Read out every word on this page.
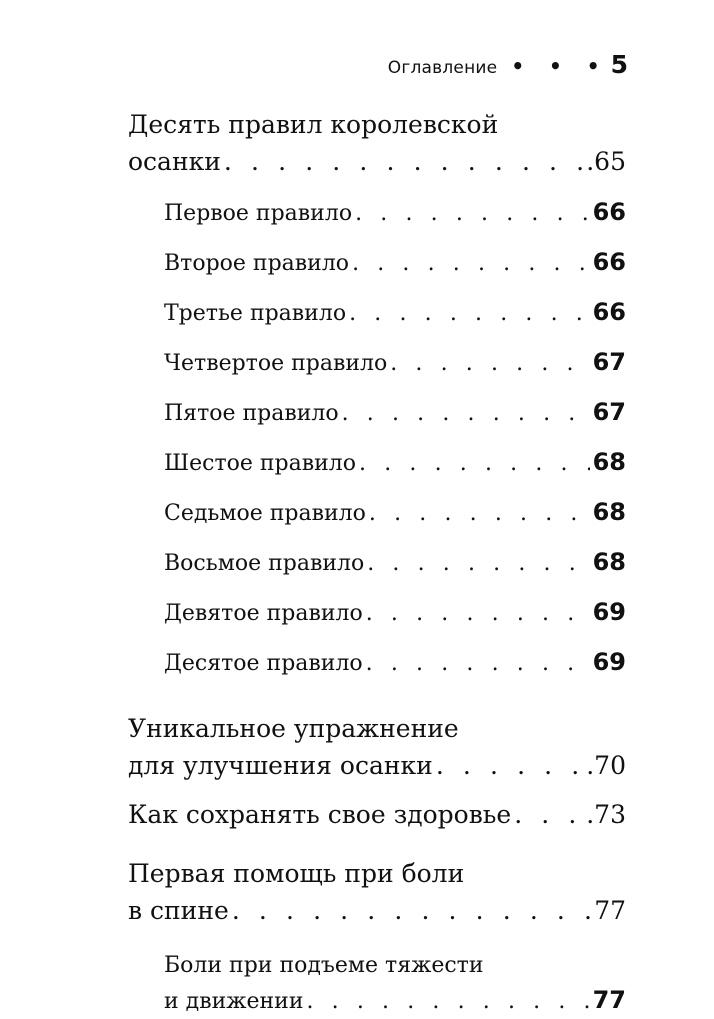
Оглавление • • • 5
Десять правил королевской
осанки . . .	.65
Первое правило . . .	66
Второе правило . . .	66
Третье правило . . .	66
Четвертое правило . . .	67
Пятое правило . . .	67
Шестое правило . . .	68
Седьмое правило . . .	68
Восьмое правило . . .	68
Девятое правило . . .	69
Десятое правило . . .	69
Уникальное упражнение
для улучшения осанки . . .	.70
Как сохранять свое здоровье . . .	.73
Первая помощь при боли
в спине . . .	77
Боли при подъеме тяжести
и движении . . .	77
